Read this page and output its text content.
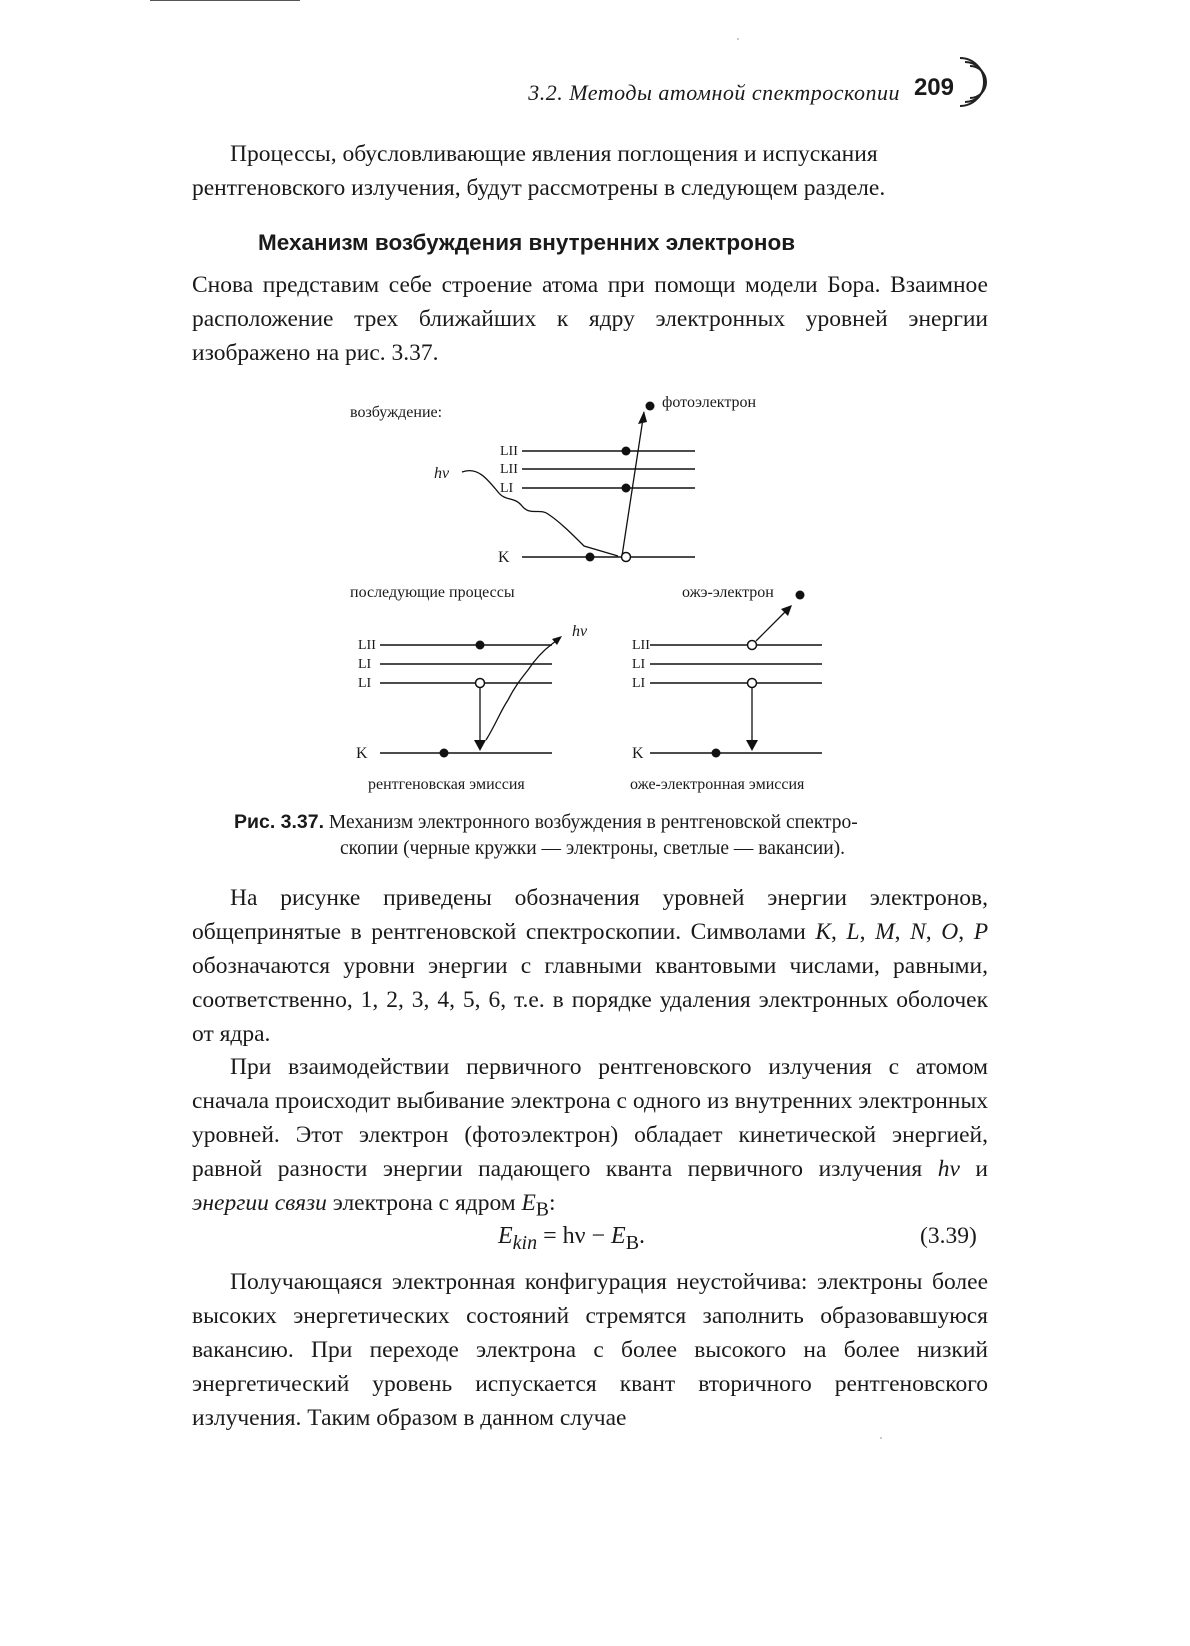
3.2. Методы атомной спектроскопии 209
Процессы, обусловливающие явления поглощения и испускания
рентгеновского излучения, будут рассмотрены в следующем разделе.
Механизм возбуждения внутренних электронов
Снова представим себе строение атома при помощи модели Бора. Взаимное расположение трех ближайших к ядру электронных уровней энергии изображено на рис. 3.37.
возбуждение:
фотоэлектрон
LII
LII
LI
K
hν
последующие процессы	ожэ-электрон
LII
LI
LI
K
hν
LII
LI
LI
K
рентгеновская эмиссия	оже-электронная эмиссия
Рис. 3.37. Механизм электронного возбуждения в рентгеновской спектро-
скопии (черные кружки — электроны, светлые — вакансии).
На рисунке приведены обозначения уровней энергии электронов, общепринятые в рентгеновской спектроскопии. Символами K, L, M, N, O, P обозначаются уровни энергии с главными квантовыми числами, равными, соответственно, 1, 2, 3, 4, 5, 6, т.е. в порядке удаления электронных оболочек от ядра.
При взаимодействии первичного рентгеновского излучения с атомом сначала происходит выбивание электрона с одного из внутренних электронных уровней. Этот электрон (фотоэлектрон) обладает кинетической энергией, равной разности энергии падающего кванта первичного излучения hν и энергии связи электрона с ядром $E_B$:
$E_{kin} = h\nu - E_B$.	(3.39)
Получающаяся электронная конфигурация неустойчива: электроны более высоких энергетических состояний стремятся заполнить образовавшуюся вакансию. При переходе электрона с более высокого на более низкий энергетический уровень испускается квант вторичного рентгеновского излучения. Таким образом в данном случае
